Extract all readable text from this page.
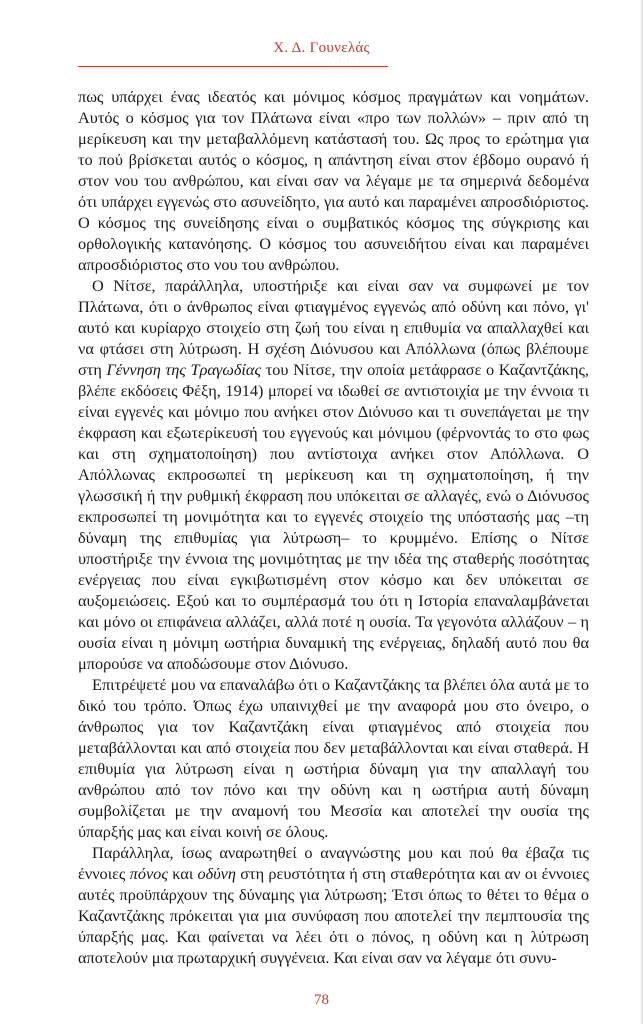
Χ. Δ. Γουνελάς

πως υπάρχει ένας ιδεατός και μόνιμος κόσμος πραγμάτων και νοημάτων. Αυτός ο κόσμος για τον Πλάτωνα είναι «προ των πολλών» – πριν από τη μερίκευση και την μεταβαλλόμενη κατάστασή του. Ως προς το ερώτημα για το πού βρίσκεται αυτός ο κόσμος, η απάντηση είναι στον έβδομο ουρανό ή στον νου του ανθρώπου, και είναι σαν να λέγαμε με τα σημερινά δεδομένα ότι υπάρχει εγγενώς στο ασυνείδητο, για αυτό και παραμένει απροσδιόριστος. Ο κόσμος της συνείδησης είναι ο συμβατικός κόσμος της σύγκρισης και ορθολογικής κατανόησης. Ο κόσμος του ασυνειδήτου είναι και παραμένει απροσδιόριστος στο νου του ανθρώπου.

Ο Νίτσε, παράλληλα, υποστήριξε και είναι σαν να συμφωνεί με τον Πλάτωνα, ότι ο άνθρωπος είναι φτιαγμένος εγγενώς από οδύνη και πόνο, γι' αυτό και κυρίαρχο στοιχείο στη ζωή του είναι η επιθυμία να απαλλαχθεί και να φτάσει στη λύτρωση. Η σχέση Διόνυσου και Απόλλωνα (όπως βλέπουμε στη Γέννηση της Τραγωδίας του Νίτσε, την οποία μετάφρασε ο Καζαντζάκης, βλέπε εκδόσεις Φέξη, 1914) μπορεί να ιδωθεί σε αντιστοιχία με την έννοια τι είναι εγγενές και μόνιμο που ανήκει στον Διόνυσο και τι συνεπάγεται με την έκφραση και εξωτερίκευσή του εγγενούς και μόνιμου (φέρνοντάς το στο φως και στη σχηματοποίηση) που αντίστοιχα ανήκει στον Απόλλωνα. Ο Απόλλωνας εκπροσωπεί τη μερίκευση και τη σχηματοποίηση, ή την γλωσσική ή την ρυθμική έκφραση που υπόκειται σε αλλαγές, ενώ ο Διόνυσος εκπροσωπεί τη μονιμότητα και το εγγενές στοιχείο της υπόστασής μας –τη δύναμη της επιθυμίας για λύτρωση– το κρυμμένο. Επίσης ο Νίτσε υποστήριξε την έννοια της μονιμότητας με την ιδέα της σταθερής ποσότητας ενέργειας που είναι εγκιβωτισμένη στον κόσμο και δεν υπόκειται σε αυξομειώσεις. Εξού και το συμπέρασμά του ότι η Ιστορία επαναλαμβάνεται και μόνο οι επιφάνεια αλλάζει, αλλά ποτέ η ουσία. Τα γεγονότα αλλάζουν – η ουσία είναι η μόνιμη ωστήρια δυναμική της ενέργειας, δηλαδή αυτό που θα μπορούσε να αποδώσουμε στον Διόνυσο.

Επιτρέψετέ μου να επαναλάβω ότι ο Καζαντζάκης τα βλέπει όλα αυτά με το δικό του τρόπο. Όπως έχω υπαινιχθεί με την αναφορά μου στο όνειρο, ο άνθρωπος για τον Καζαντζάκη είναι φτιαγμένος από στοιχεία που μεταβάλλονται και από στοιχεία που δεν μεταβάλλονται και είναι σταθερά. Η επιθυμία για λύτρωση είναι η ωστήρια δύναμη για την απαλλαγή του ανθρώπου από τον πόνο και την οδύνη και η ωστήρια αυτή δύναμη συμβολίζεται με την αναμονή του Μεσσία και αποτελεί την ουσία της ύπαρξής μας και είναι κοινή σε όλους.

Παράλληλα, ίσως αναρωτηθεί ο αναγνώστης μου και πού θα έβαζα τις έννοιες πόνος και οδύνη στη ρευστότητα ή στη σταθερότητα και αν οι έννοιες αυτές προϋπάρχουν της δύναμης για λύτρωση; Έτσι όπως το θέτει το θέμα ο Καζαντζάκης πρόκειται για μια συνύφαση που αποτελεί την πεμπτουσία της ύπαρξής μας. Και φαίνεται να λέει ότι ο πόνος, η οδύνη και η λύτρωση αποτελούν μια πρωταρχική συγγένεια. Και είναι σαν να λέγαμε ότι συνυ-

78
